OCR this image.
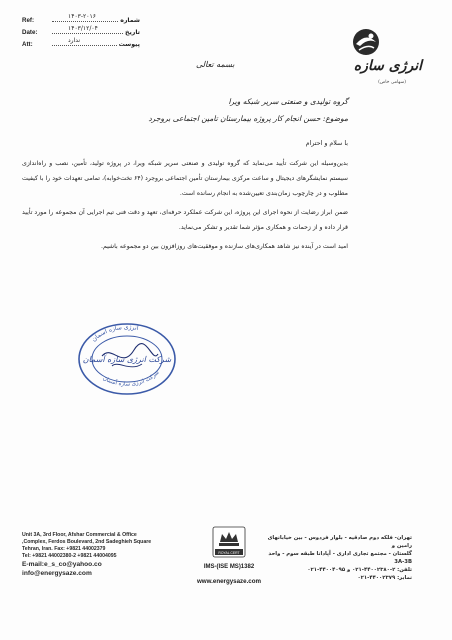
Ref:
۱۴۰۳-۲۰۱۶
شماره
Date:
۱۴۰۳/۱۲/۰۴
تاریخ
Att:
ندارد
پیوست
انرژی سازه
(سهامی خاص)
بسمه تعالی
گروه تولیدی و صنعتی سریر شبکه ویرا
موضوع: حسن انجام کار پروژه بیمارستان تامین اجتماعی بروجرد
با سلام و احترام

بدین‌وسیله این شرکت تأیید می‌نماید که گروه تولیدی و صنعتی سریر شبکه ویرا، در پروژه تولید، تأمین، نصب و راه‌اندازی سیستم نمایشگرهای دیجیتال و ساعت مرکزی بیمارستان تأمین اجتماعی بروجرد (۶۴ تخت‌خوابه)، تمامی تعهدات خود را با کیفیت مطلوب و در چارچوب زمان‌بندی تعیین‌شده به انجام رسانده است.

ضمن ابراز رضایت از نحوه اجرای این پروژه، این شرکت عملکرد حرفه‌ای، تعهد و دقت فنی تیم اجرایی آن مجموعه را مورد تأیید قرار داده و از زحمات و همکاری مؤثر شما تقدیر و تشکر می‌نماید.

امید است در آینده نیز شاهد همکاری‌های سازنده و موفقیت‌های روزافزون بین دو مجموعه باشیم.

انرژی سازه آسمان
شرکت انرژی سازه آسمان
شرکت انرژی سازه آسمان
Unit 3A, 3rd Floor, Afshar Commercial & Office
,Complex, Ferdos Boulevard, 2nd Sadeghieh Square
Tehran, Iran. Fax: +9821 44002379
Tel: +9821 44002380-2 +9821 44004095
E-mail:e_s_co@yahoo.co
info@energysaze.com
ROYAL CERT
IMS-(ISE MS)1382
www.energysaze.com
تهران- فلکه دوم صادقیه - بلوار فردوس - بین خیابانهای رامین و
گلستان - مجتمع تجاری اداری - آپادانا طبقه سوم - واحد 3A-3B
تلفن: ۲-۴۴۰۰۲۳۸۰-۰۲۱ و ۴۴۰۰۴۰۹۵-۰۲۱
نمابر: ۴۴۰۰۲۳۷۹-۰۲۱
